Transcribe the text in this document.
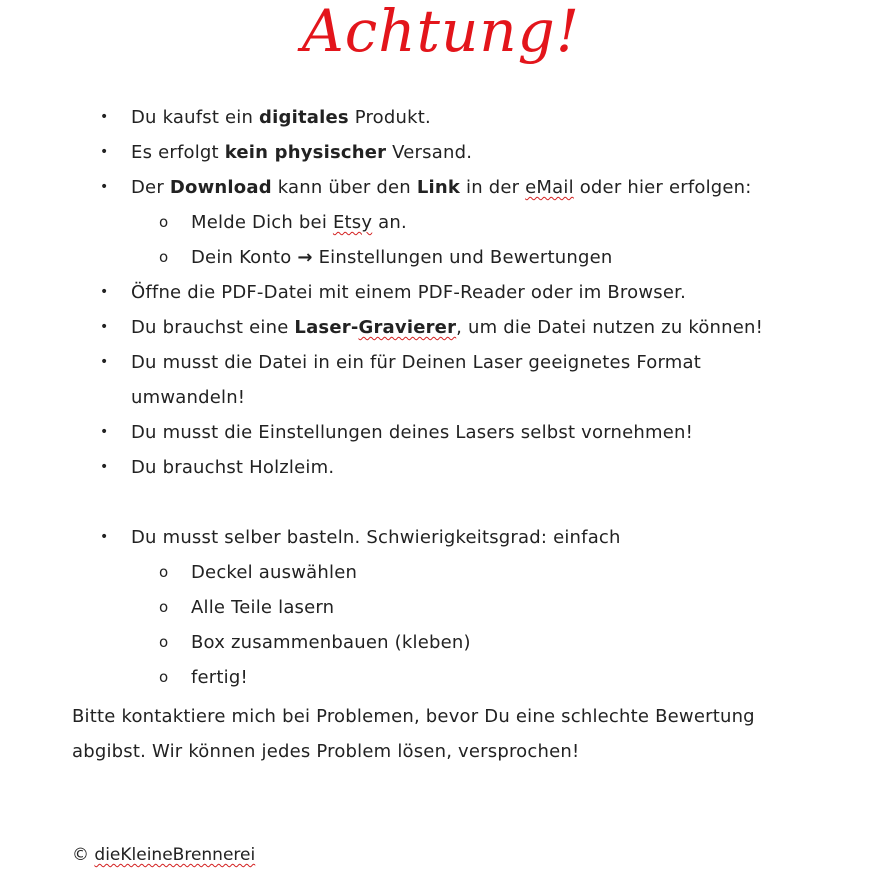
Achtung!
• Du kaufst ein digitales Produkt.
• Es erfolgt kein physischer Versand.
• Der Download kann über den Link in der eMail oder hier erfolgen:
o Melde Dich bei Etsy an.
o Dein Konto → Einstellungen und Bewertungen
• Öffne die PDF-Datei mit einem PDF-Reader oder im Browser.
• Du brauchst eine Laser-Gravierer, um die Datei nutzen zu können!
• Du musst die Datei in ein für Deinen Laser geeignetes Format
umwandeln!
• Du musst die Einstellungen deines Lasers selbst vornehmen!
• Du brauchst Holzleim.
• Du musst selber basteln. Schwierigkeitsgrad: einfach
o Deckel auswählen
o Alle Teile lasern
o Box zusammenbauen (kleben)
o fertig!
Bitte kontaktiere mich bei Problemen, bevor Du eine schlechte Bewertung
abgibst. Wir können jedes Problem lösen, versprochen!
© dieKleineBrennerei
